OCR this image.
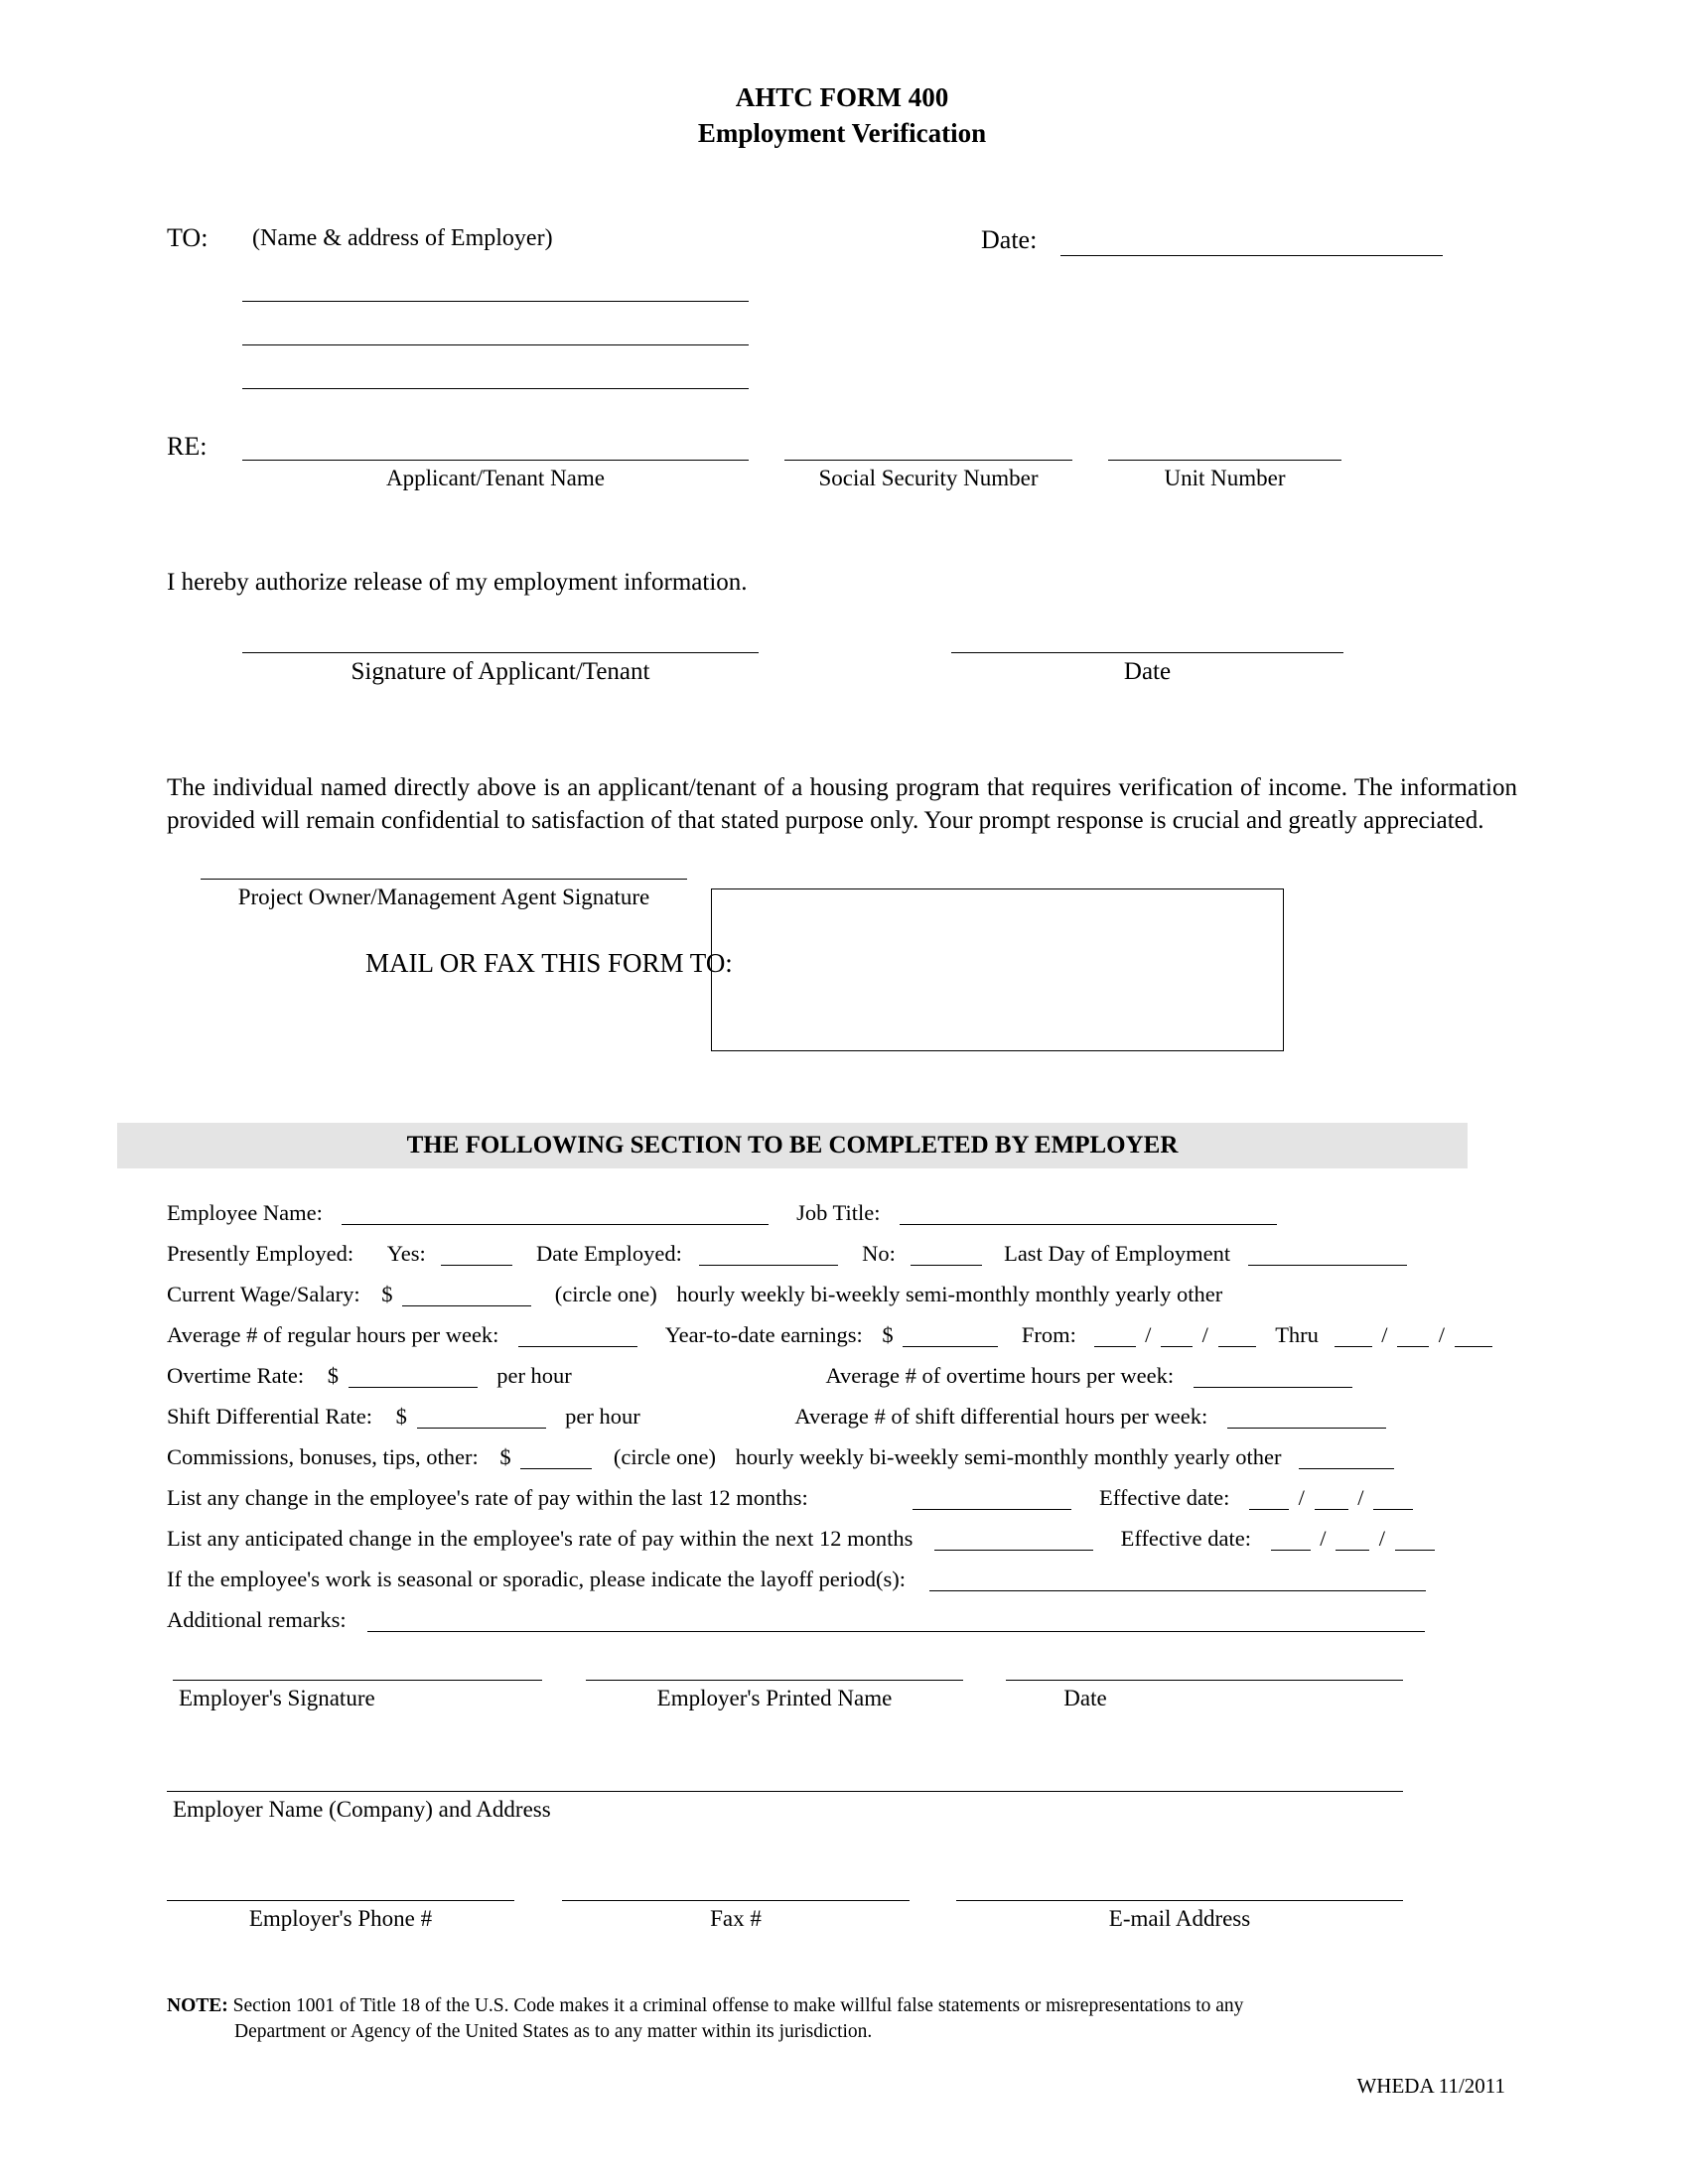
AHTC FORM 400
Employment Verification
TO: (Name & address of Employer)	Date:
RE:
Applicant/Tenant Name	Social Security Number	Unit Number
I hereby authorize release of my employment information.
Signature of Applicant/Tenant	Date
The individual named directly above is an applicant/tenant of a housing program that requires verification of income. The information provided will remain confidential to satisfaction of that stated purpose only. Your prompt response is crucial and greatly appreciated.
Project Owner/Management Agent Signature
MAIL OR FAX THIS FORM TO:
THE FOLLOWING SECTION TO BE COMPLETED BY EMPLOYER
Employee Name:	Job Title:
Presently Employed: Yes:	Date Employed:	No:	Last Day of Employment
Current Wage/Salary: $	(circle one) hourly weekly bi-weekly semi-monthly monthly yearly other
Average # of regular hours per week:	Year-to-date earnings: $	From:	/ /	Thru	/ /
Overtime Rate: $	per hour	Average # of overtime hours per week:
Shift Differential Rate: $	per hour	Average # of shift differential hours per week:
Commissions, bonuses, tips, other: $	(circle one) hourly weekly bi-weekly semi-monthly monthly yearly other
List any change in the employee's rate of pay within the last 12 months:	Effective date:	/ /
List any anticipated change in the employee's rate of pay within the next 12 months	Effective date:	/ /
If the employee's work is seasonal or sporadic, please indicate the layoff period(s):
Additional remarks:
Employer's Signature	Employer's Printed Name	Date
Employer Name (Company) and Address
Employer's Phone #	Fax #	E-mail Address
NOTE: Section 1001 of Title 18 of the U.S. Code makes it a criminal offense to make willful false statements or misrepresentations to any
Department or Agency of the United States as to any matter within its jurisdiction.
WHEDA 11/2011
